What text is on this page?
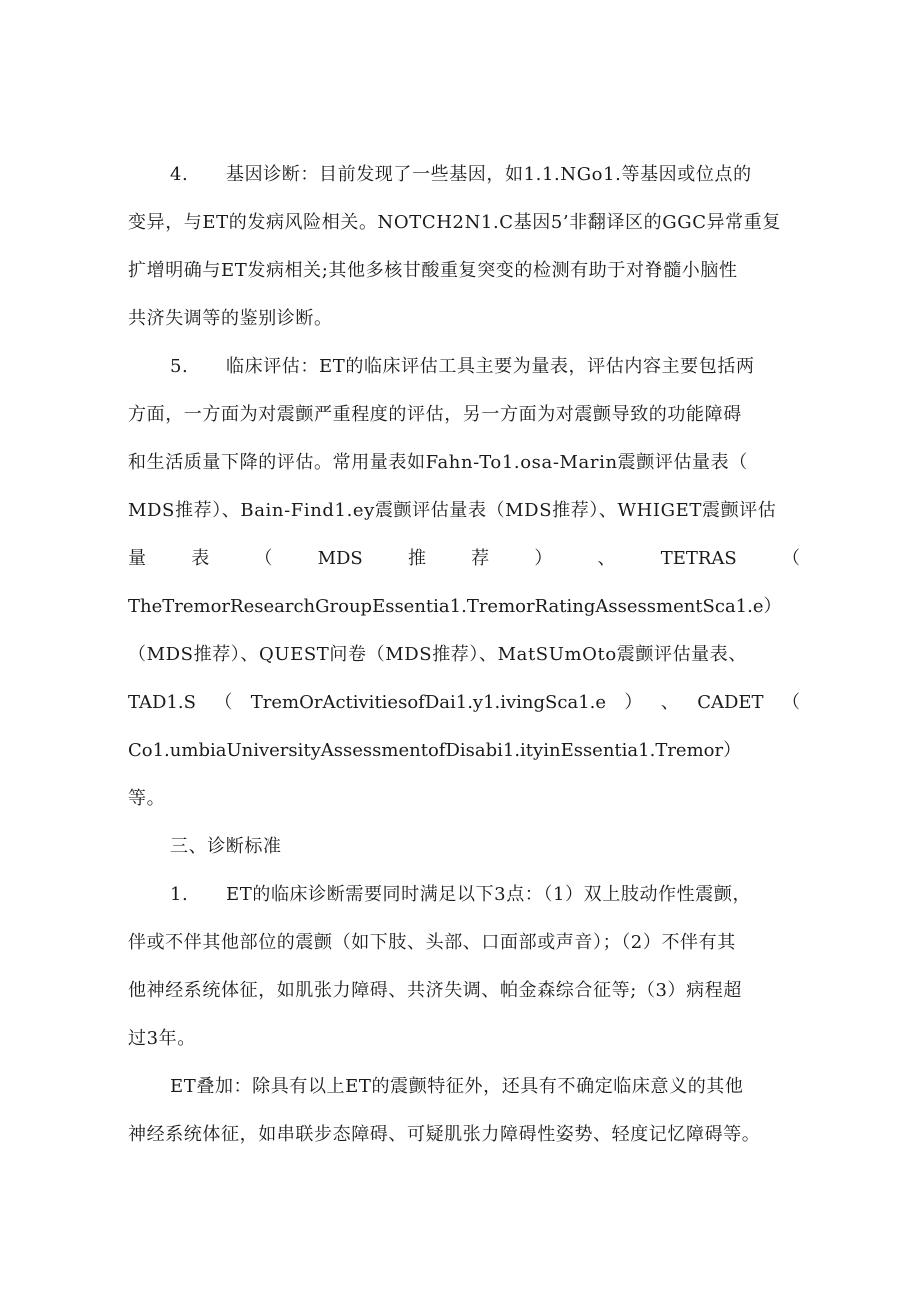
4. 基因诊断：目前发现了一些基因，如1.1.NGo1.等基因或位点的
变异，与ET的发病风险相关。NOTCH2N1.C基因5’非翻译区的GGC异常重复
扩增明确与ET发病相关;其他多核甘酸重复突变的检测有助于对脊髓小脑性
共济失调等的鉴别诊断。
5. 临床评估：ET的临床评估工具主要为量表，评估内容主要包括两
方面，一方面为对震颤严重程度的评估，另一方面为对震颤导致的功能障碍
和生活质量下降的评估。常用量表如Fahn-To1.osa-Marin震颤评估量表（
MDS推荐）、Bain-Find1.ey震颤评估量表（MDS推荐）、WHIGET震颤评估
量	表	（	MDS	推	荐	）	、	TETRAS	（
TheTremorResearchGroupEssentia1.TremorRatingAssessmentSca1.e）
（MDS推荐）、QUEST问卷（MDS推荐）、MatSUmOto震颤评估量表、
TAD1.S （ TremOrActivitiesofDai1.y1.ivingSca1.e ） 、 CADET （
Co1.umbiaUniversityAssessmentofDisabi1.ityinEssentia1.Tremor）
等。
三、诊断标准
1. ET的临床诊断需要同时满足以下3点：（1）双上肢动作性震颤，
伴或不伴其他部位的震颤（如下肢、头部、口面部或声音）；（2）不伴有其
他神经系统体征，如肌张力障碍、共济失调、帕金森综合征等;（3）病程超
过3年。
ET叠加：除具有以上ET的震颤特征外，还具有不确定临床意义的其他
神经系统体征，如串联步态障碍、可疑肌张力障碍性姿势、轻度记忆障碍等。
